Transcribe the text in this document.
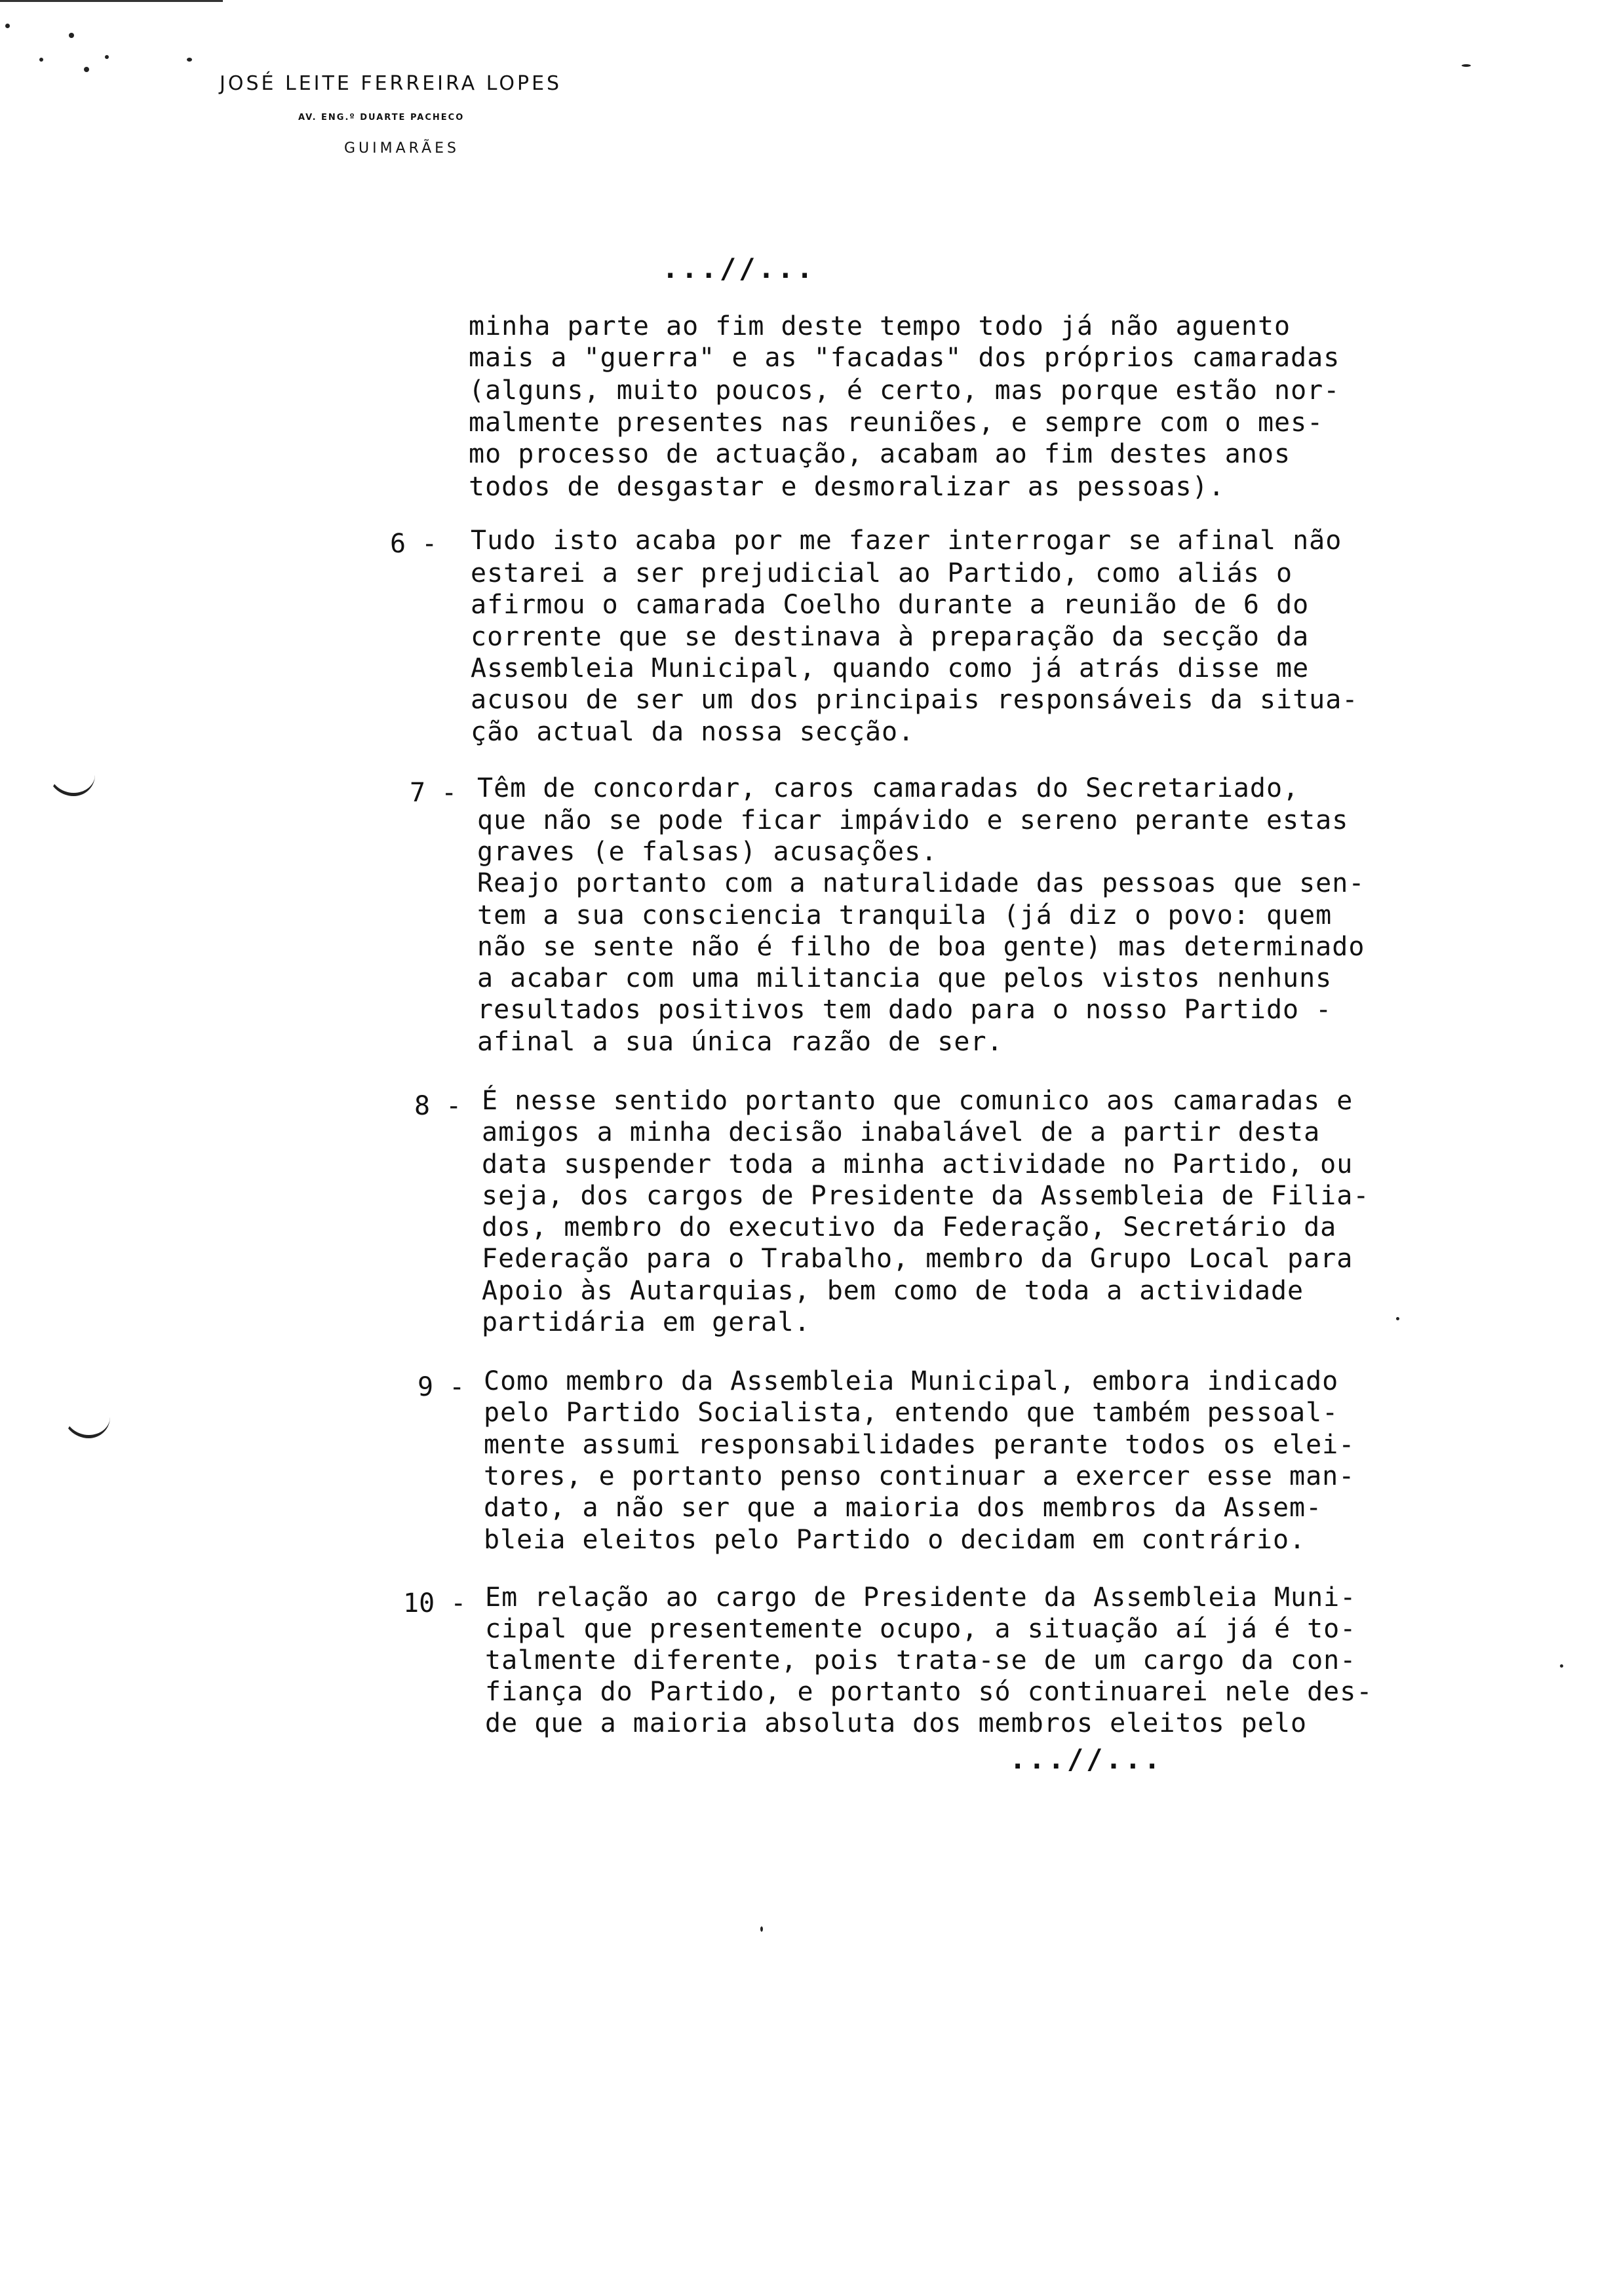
JOSÉ LEITE FERREIRA LOPES
AV. ENG.º DUARTE PACHECO
GUIMARÃES
...//...
minha parte ao fim deste tempo todo já não aguento
mais a "guerra" e as "facadas" dos próprios camaradas
(alguns, muito poucos, é certo, mas porque estão nor-
malmente presentes nas reuniões, e sempre com o mes-
mo processo de actuação, acabam ao fim destes anos
todos de desgastar e desmoralizar as pessoas).
6 - Tudo isto acaba por me fazer interrogar se afinal não
estarei a ser prejudicial ao Partido, como aliás o
afirmou o camarada Coelho durante a reunião de 6 do
corrente que se destinava à preparação da secção da
Assembleia Municipal, quando como já atrás disse me
acusou de ser um dos principais responsáveis da situa-
ção actual da nossa secção.
7 - Têm de concordar, caros camaradas do Secretariado,
que não se pode ficar impávido e sereno perante estas
graves (e falsas) acusações.
Reajo portanto com a naturalidade das pessoas que sen-
tem a sua consciencia tranquila (já diz o povo: quem
não se sente não é filho de boa gente) mas determinado
a acabar com uma militancia que pelos vistos nenhuns
resultados positivos tem dado para o nosso Partido -
afinal a sua única razão de ser.
8 - É nesse sentido portanto que comunico aos camaradas e
amigos a minha decisão inabalável de a partir desta
data suspender toda a minha actividade no Partido, ou
seja, dos cargos de Presidente da Assembleia de Filia-
dos, membro do executivo da Federação, Secretário da
Federação para o Trabalho, membro da Grupo Local para
Apoio às Autarquias, bem como de toda a actividade
partidária em geral.
9 - Como membro da Assembleia Municipal, embora indicado
pelo Partido Socialista, entendo que também pessoal-
mente assumi responsabilidades perante todos os elei-
tores, e portanto penso continuar a exercer esse man-
dato, a não ser que a maioria dos membros da Assem-
bleia eleitos pelo Partido o decidam em contrário.
10 - Em relação ao cargo de Presidente da Assembleia Muni-
cipal que presentemente ocupo, a situação aí já é to-
talmente diferente, pois trata-se de um cargo da con-
fiança do Partido, e portanto só continuarei nele des-
de que a maioria absoluta dos membros eleitos pelo
...//...
